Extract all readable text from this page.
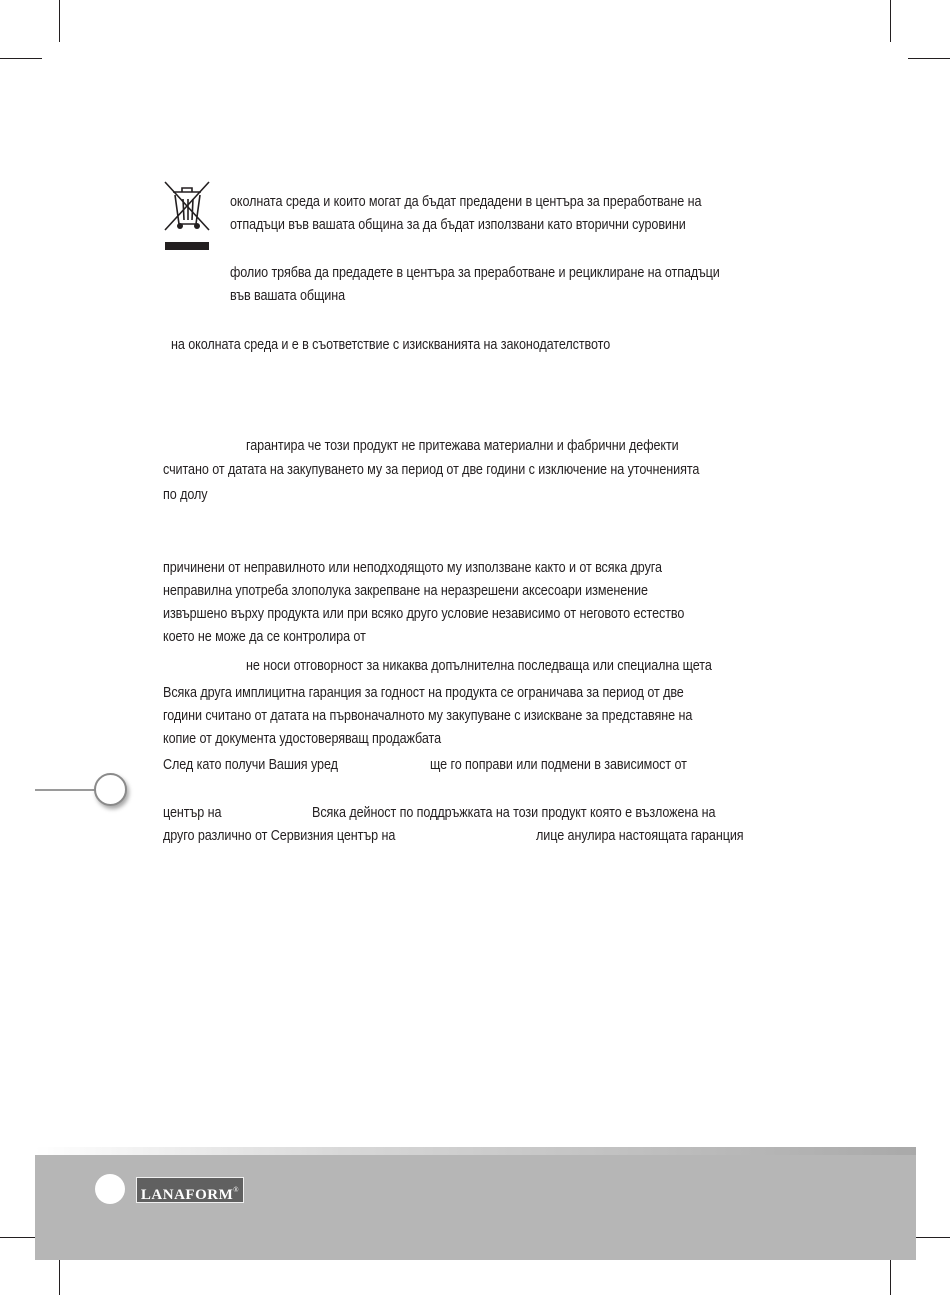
околната среда и които могат да бъдат предадени в центъра за преработване на
отпадъци във вашата община за да бъдат използвани като вторични суровини
фолио трябва да предадете в центъра за преработване и рециклиране на отпадъци
във вашата община
на околната среда и е в съответствие с изискванията на законодателството
гарантира че този продукт не притежава материални и фабрични дефекти
считано от датата на закупуването му за период от две години с изключение на уточненията
по долу
причинени от неправилното или неподходящото му използване както и от всяка друга
неправилна употреба злополука закрепване на неразрешени аксесоари изменение
извършено върху продукта или при всяко друго условие независимо от неговото естество
което не може да се контролира от
не носи отговорност за никаква допълнителна последваща или специална щета
Всяка друга имплицитна гаранция за годност на продукта се ограничава за период от две
години считано от датата на първоначалното му закупуване с изискване за представяне на
копие от документа удостоверяващ продажбата
След като получи Вашия уред	ще го поправи или подмени в зависимост от
център на	Всяка дейност по поддръжката на този продукт която е възложена на
друго различно от Сервизния център на	лице анулира настоящата гаранция
LANAFORM®
